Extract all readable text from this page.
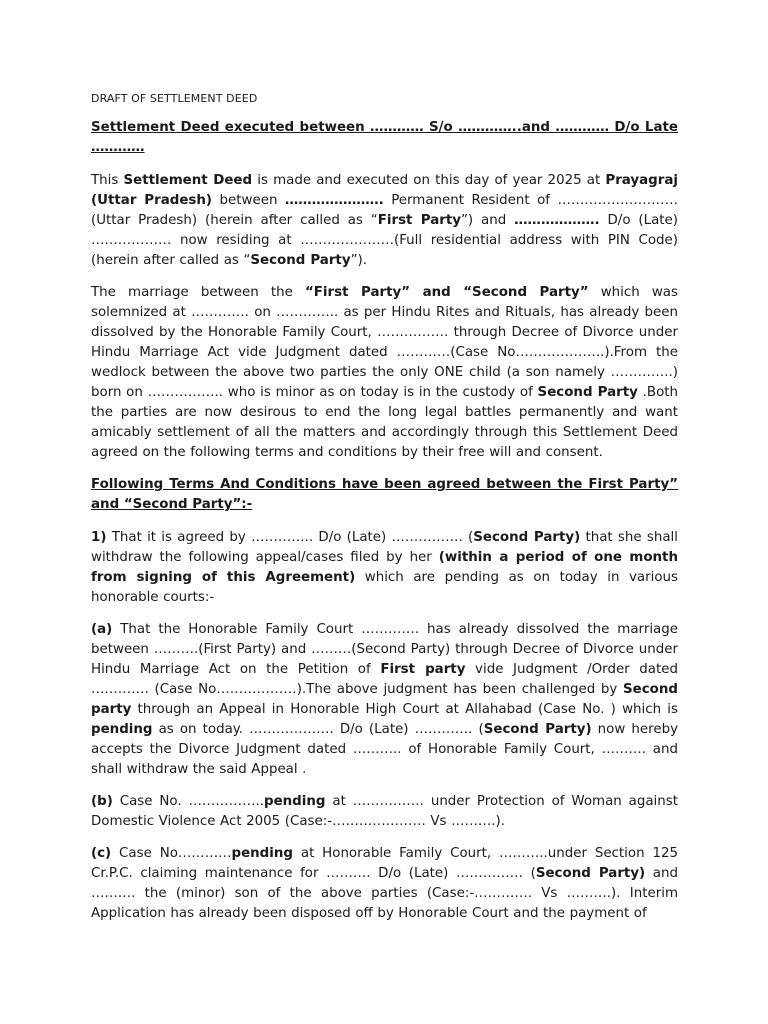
DRAFT OF SETTLEMENT DEED
Settlement Deed executed between ………… S/o …………..and ………… D/o Late …………

This Settlement Deed is made and executed on this day of year 2025 at Prayagraj (Uttar Pradesh) between …………………. Permanent Resident of ……………………… (Uttar Pradesh) (herein after called as “First Party”) and ………………. D/o (Late) ……………… now residing at …………………(Full residential address with PIN Code) (herein after called as “Second Party”).

The marriage between the “First Party” and “Second Party” which was solemnized at …………. on ………….. as per Hindu Rites and Rituals, has already been dissolved by the Honorable Family Court, ……………. through Decree of Divorce under Hindu Marriage Act vide Judgment dated …………(Case No………………..).From the wedlock between the above two parties the only ONE child (a son namely …………..) born on …………….. who is minor as on today is in the custody of Second Party .Both the parties are now desirous to end the long legal battles permanently and want amicably settlement of all the matters and accordingly through this Settlement Deed agreed on the following terms and conditions by their free will and consent.

Following Terms And Conditions have been agreed between the First Party” and “Second Party”:-

1) That it is agreed by ………….. D/o (Late) ……………. (Second Party) that she shall withdraw the following appeal/cases filed by her (within a period of one month from signing of this Agreement) which are pending as on today in various honorable courts:-

(a) That the Honorable Family Court …………. has already dissolved the marriage between ……….(First Party) and ………(Second Party) through Decree of Divorce under Hindu Marriage Act on the Petition of First party vide Judgment /Order dated …………. (Case No………………).The above judgment has been challenged by Second party through an Appeal in Honorable High Court at Allahabad (Case No. ) which is pending as on today. ………………. D/o (Late) …………. (Second Party) now hereby accepts the Divorce Judgment dated ……….. of Honorable Family Court, ………. and shall withdraw the said Appeal .

(b) Case No. ……………..pending at ……………. under Protection of Woman against Domestic Violence Act 2005 (Case:-………………… Vs ……….).

(c) Case No…………pending at Honorable Family Court, ………..under Section 125 Cr.P.C. claiming maintenance for ………. D/o (Late) …………… (Second Party) and ………. the (minor) son of the above parties (Case:-…………. Vs ……….). Interim Application has already been disposed off by Honorable Court and the payment of
